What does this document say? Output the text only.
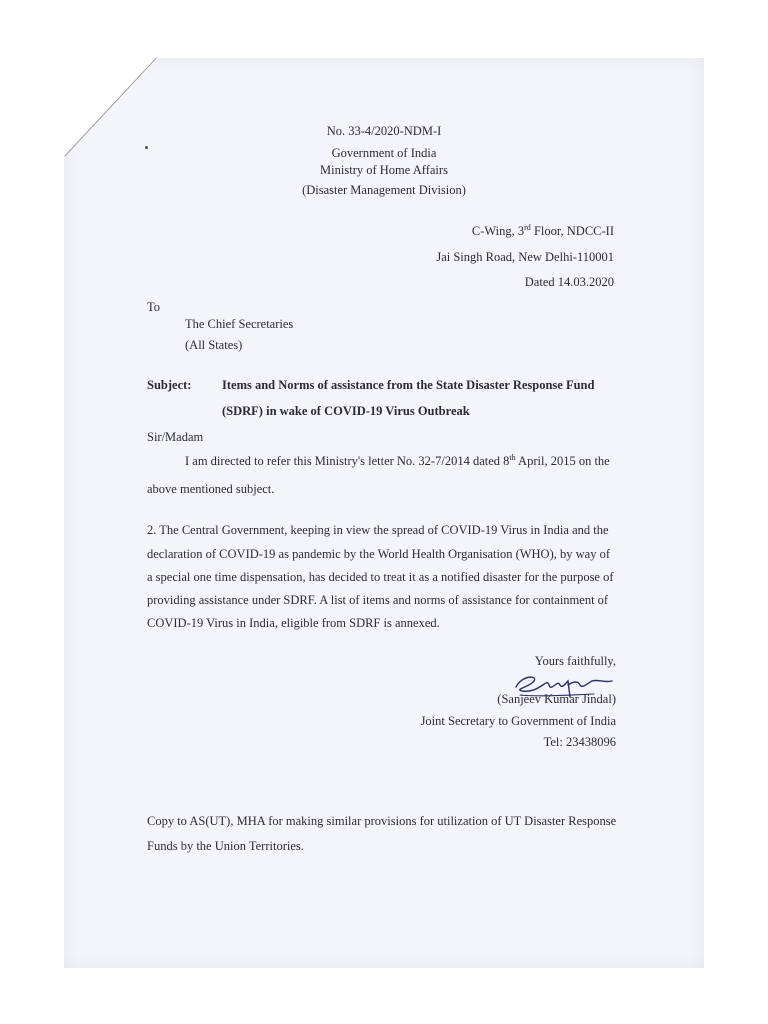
No. 33-4/2020-NDM-I
Government of India
Ministry of Home Affairs
(Disaster Management Division)
C-Wing, 3rd Floor, NDCC-II
Jai Singh Road, New Delhi-110001
Dated 14.03.2020
To
The Chief Secretaries
(All States)
Subject: Items and Norms of assistance from the State Disaster Response Fund
(SDRF) in wake of COVID-19 Virus Outbreak
Sir/Madam
I am directed to refer this Ministry's letter No. 32-7/2014 dated 8th April, 2015 on the
above mentioned subject.
2. The Central Government, keeping in view the spread of COVID-19 Virus in India and the
declaration of COVID-19 as pandemic by the World Health Organisation (WHO), by way of
a special one time dispensation, has decided to treat it as a notified disaster for the purpose of
providing assistance under SDRF. A list of items and norms of assistance for containment of
COVID-19 Virus in India, eligible from SDRF is annexed.
Yours faithfully,
(Sanjeev Kumar Jindal)
Joint Secretary to Government of India
Tel: 23438096
Copy to AS(UT), MHA for making similar provisions for utilization of UT Disaster Response
Funds by the Union Territories.
